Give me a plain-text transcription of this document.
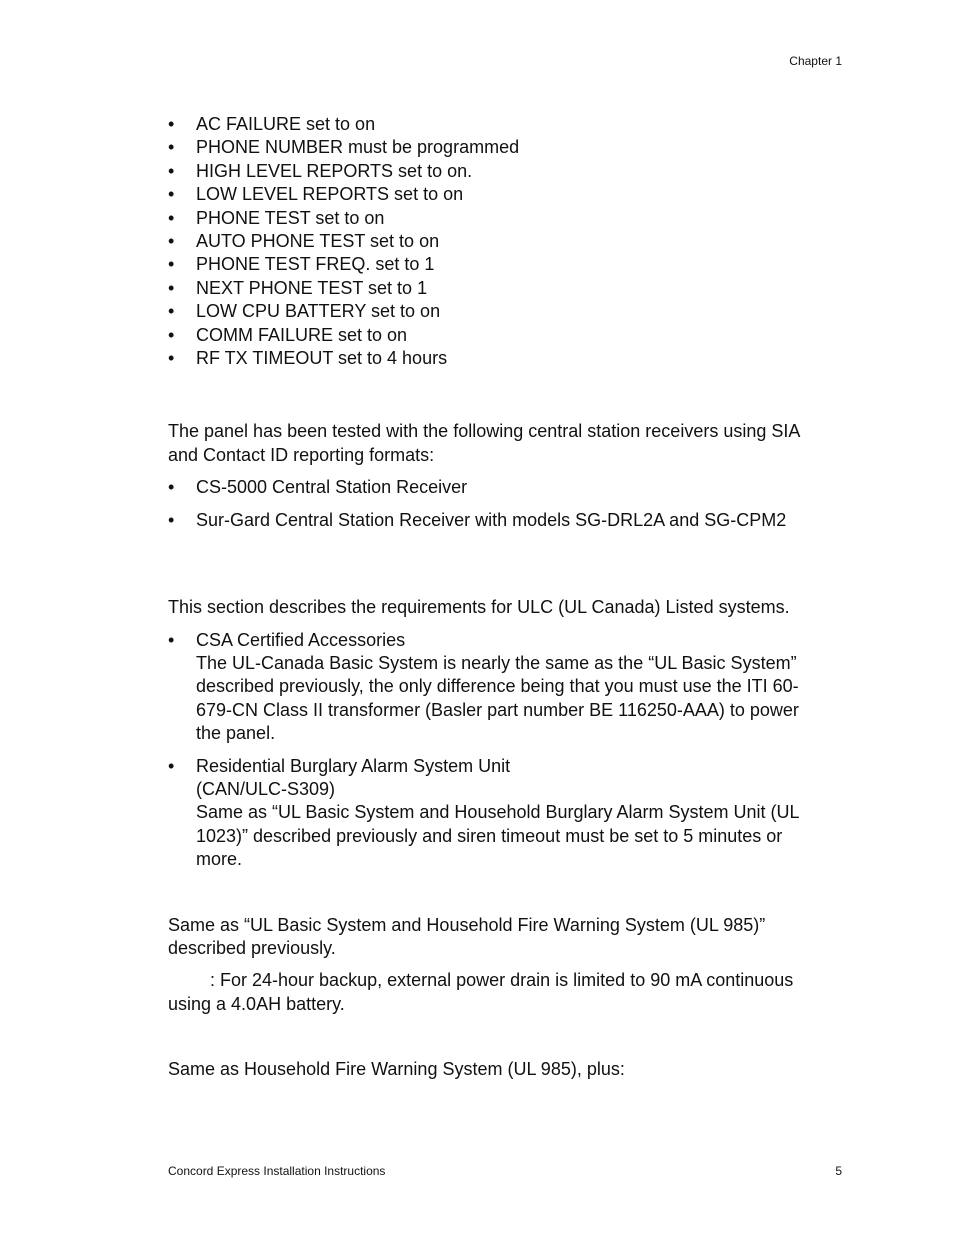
Chapter 1
• AC FAILURE set to on
• PHONE NUMBER must be programmed
• HIGH LEVEL REPORTS set to on.
• LOW LEVEL REPORTS set to on
• PHONE TEST set to on
• AUTO PHONE TEST set to on
• PHONE TEST FREQ. set to 1
• NEXT PHONE TEST set to 1
• LOW CPU BATTERY set to on
• COMM FAILURE set to on
• RF TX TIMEOUT set to 4 hours

The panel has been tested with the following central station receivers using SIA and Contact ID reporting formats:

• CS-5000 Central Station Receiver
• Sur-Gard Central Station Receiver with models SG-DRL2A and SG-CPM2

This section describes the requirements for ULC (UL Canada) Listed systems.

• CSA Certified Accessories
The UL-Canada Basic System is nearly the same as the “UL Basic System” described previously, the only difference being that you must use the ITI 60-679-CN Class II transformer (Basler part number BE 116250-AAA) to power the panel.
• Residential Burglary Alarm System Unit
(CAN/ULC-S309)
Same as “UL Basic System and Household Burglary Alarm System Unit (UL 1023)” described previously and siren timeout must be set to 5 minutes or more.

Same as “UL Basic System and Household Fire Warning System (UL 985)” described previously.

: For 24-hour backup, external power drain is limited to 90 mA continuous using a 4.0AH battery.

Same as Household Fire Warning System (UL 985), plus:

Concord Express Installation Instructions	5
